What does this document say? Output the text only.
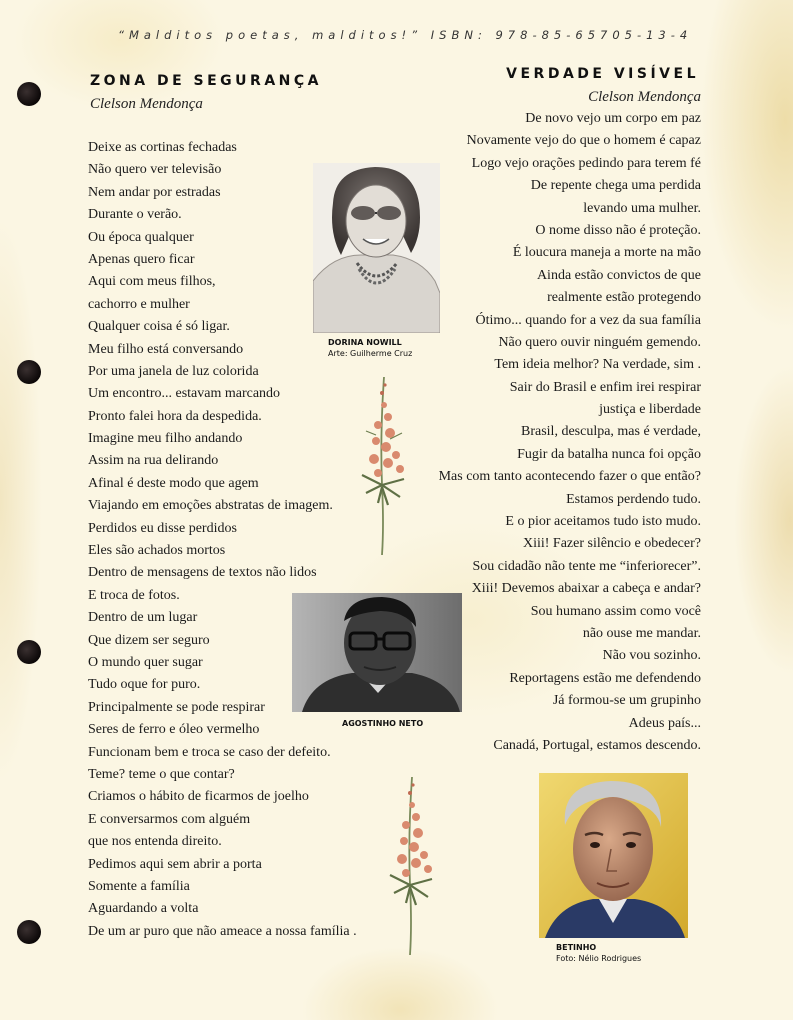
“Malditos poetas, malditos!” ISBN: 978-85-65705-13-4
ZONA DE SEGURANÇA
Clelson Mendonça
Deixe as cortinas fechadas
Não quero ver televisão
Nem andar por estradas
Durante o verão.
Ou época qualquer
Apenas quero ficar
Aqui com meus filhos,
cachorro e mulher
Qualquer coisa é só ligar.
Meu filho está conversando
Por uma janela de luz colorida
Um encontro... estavam marcando
Pronto falei hora da despedida.
Imagine meu filho andando
Assim na rua delirando
Afinal é deste modo que agem
Viajando em emoções abstratas de imagem.
Perdidos eu disse perdidos
Eles são achados mortos
Dentro de mensagens de textos não lidos
E troca de fotos.
Dentro de um lugar
Que dizem ser seguro
O mundo quer sugar
Tudo oque for puro.
Principalmente se pode respirar
Seres de ferro e óleo vermelho
Funcionam bem e troca se caso der defeito.
Teme? teme o que contar?
Criamos o hábito de ficarmos de joelho
E conversarmos com alguém
que nos entenda direito.
Pedimos aqui sem abrir a porta
Somente a família
Aguardando a volta
De um ar puro que não ameace a nossa família .
VERDADE VISÍVEL
Clelson Mendonça
De novo vejo um corpo em paz
Novamente vejo do que o homem é capaz
Logo vejo orações pedindo para terem fé
De repente chega uma perdida
levando uma mulher.
O nome disso não é proteção.
É loucura maneja a morte na mão
Ainda estão convictos de que
realmente estão protegendo
Ótimo... quando for a vez da sua família
Não quero ouvir ninguém gemendo.
Tem ideia melhor? Na verdade, sim .
Sair do Brasil e enfim irei respirar
justiça e liberdade
Brasil, desculpa, mas é verdade,
Fugir da batalha nunca foi opção
Mas com tanto acontecendo fazer o que então?
Estamos perdendo tudo.
E o pior aceitamos tudo isto mudo.
Xiii! Fazer silêncio e obedecer?
Sou cidadão não tente me “inferiorecer”.
Xiii! Devemos abaixar a cabeça e andar?
Sou humano assim como você
não ouse me mandar.
Não vou sozinho.
Reportagens estão me defendendo
Já formou-se um grupinho
Adeus país...
Canadá, Portugal, estamos descendo.
DORINA NOWILL
Arte: Guilherme Cruz
AGOSTINHO NETO
BETINHO
Foto: Nélio Rodrigues
